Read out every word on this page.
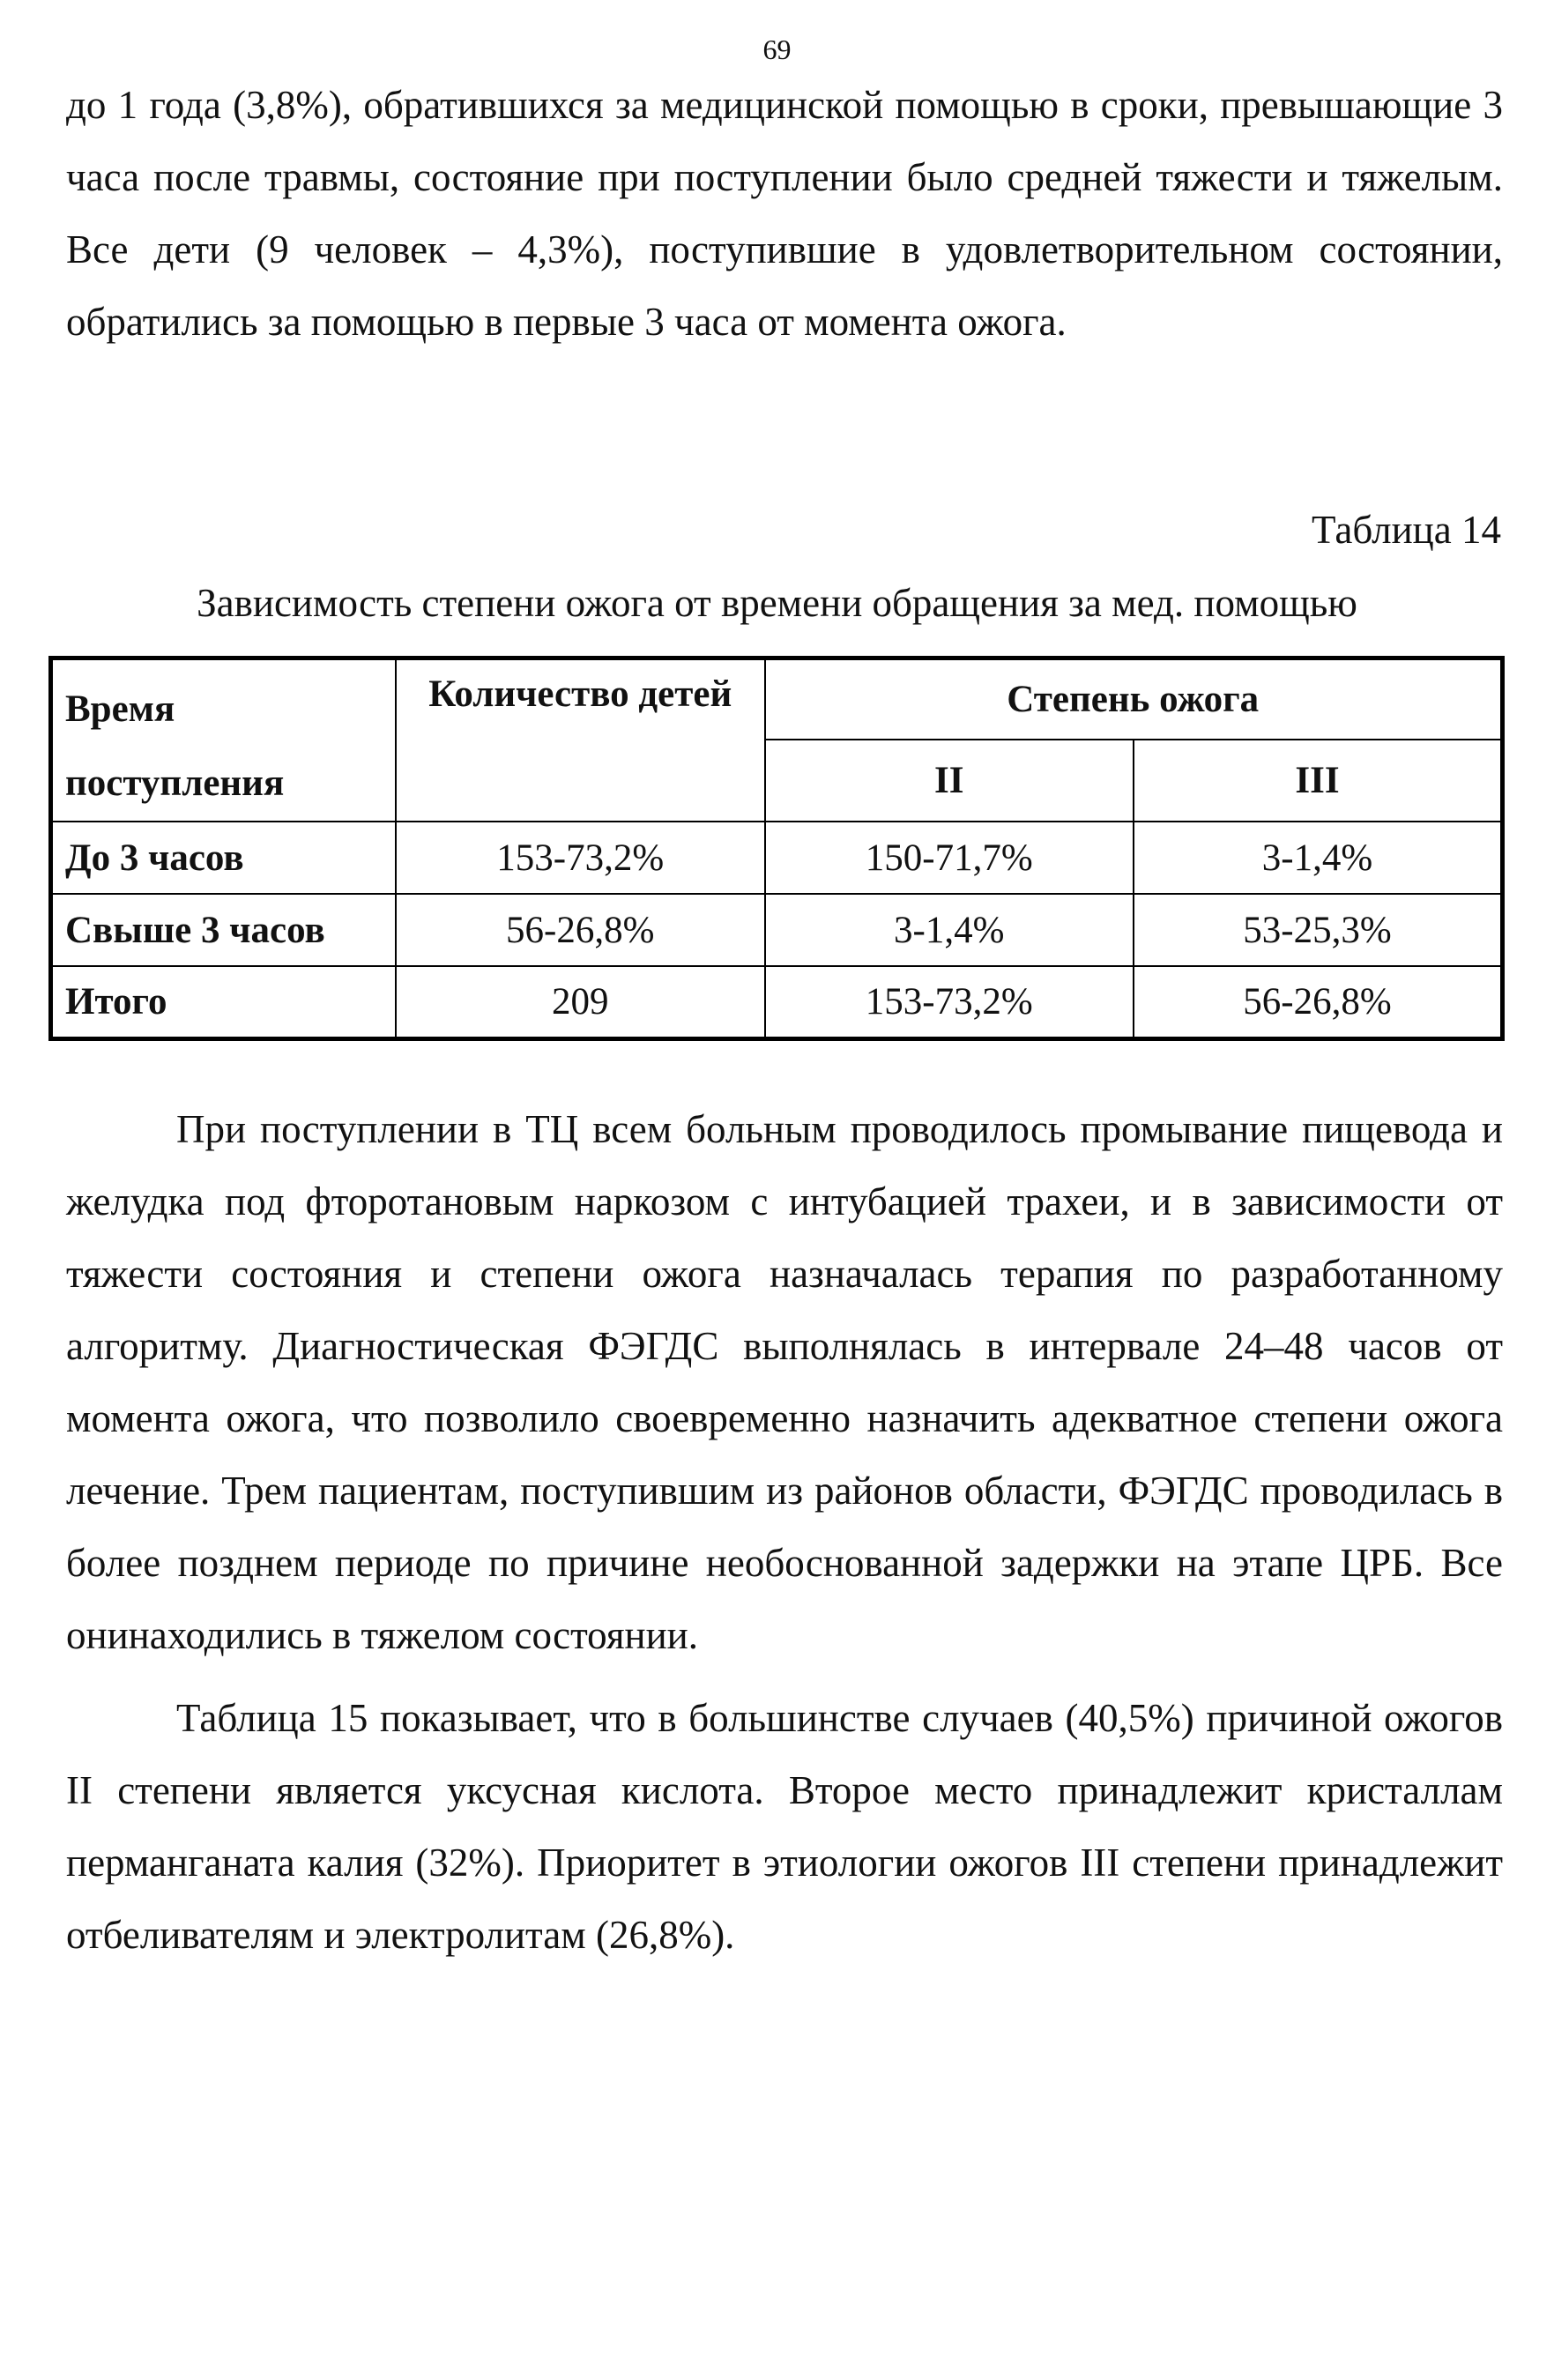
69

до 1 года (3,8%), обратившихся за медицинской помощью в сроки, превышающие 3 часа после травмы, состояние при поступлении было средней тяжести и тяжелым. Все дети (9 человек – 4,3%), поступившие в удовлетворительном состоянии, обратились за помощью в первые 3 часа от момента ожога.

Таблица 14

Зависимость степени ожога от времени обращения за мед. помощью

Время
поступления	Количество детей	Степень ожога	
		II	III
До 3 часов	153-73,2%	150-71,7%	3-1,4%
Свыше 3 часов	56-26,8%	3-1,4%	53-25,3%
Итого	209	153-73,2%	56-26,8%

При поступлении в ТЦ всем больным проводилось промывание пищевода и желудка под фторотановым наркозом с интубацией трахеи, и в зависимости от тяжести состояния и степени ожога назначалась терапия по разработанному алгоритму. Диагностическая ФЭГДС выполнялась в интервале 24–48 часов от момента ожога, что позволило своевременно назначить адекватное степени ожога лечение. Трем пациентам, поступившим из районов области, ФЭГДС проводилась в более позднем периоде по причине необоснованной задержки на этапе ЦРБ. Все онинаходились в тяжелом состоянии.

Таблица 15 показывает, что в большинстве случаев (40,5%) причиной ожогов II степени является уксусная кислота. Второе место принадлежит кристаллам перманганата калия (32%). Приоритет в этиологии ожогов III степени принадлежит отбеливателям и электролитам (26,8%).
